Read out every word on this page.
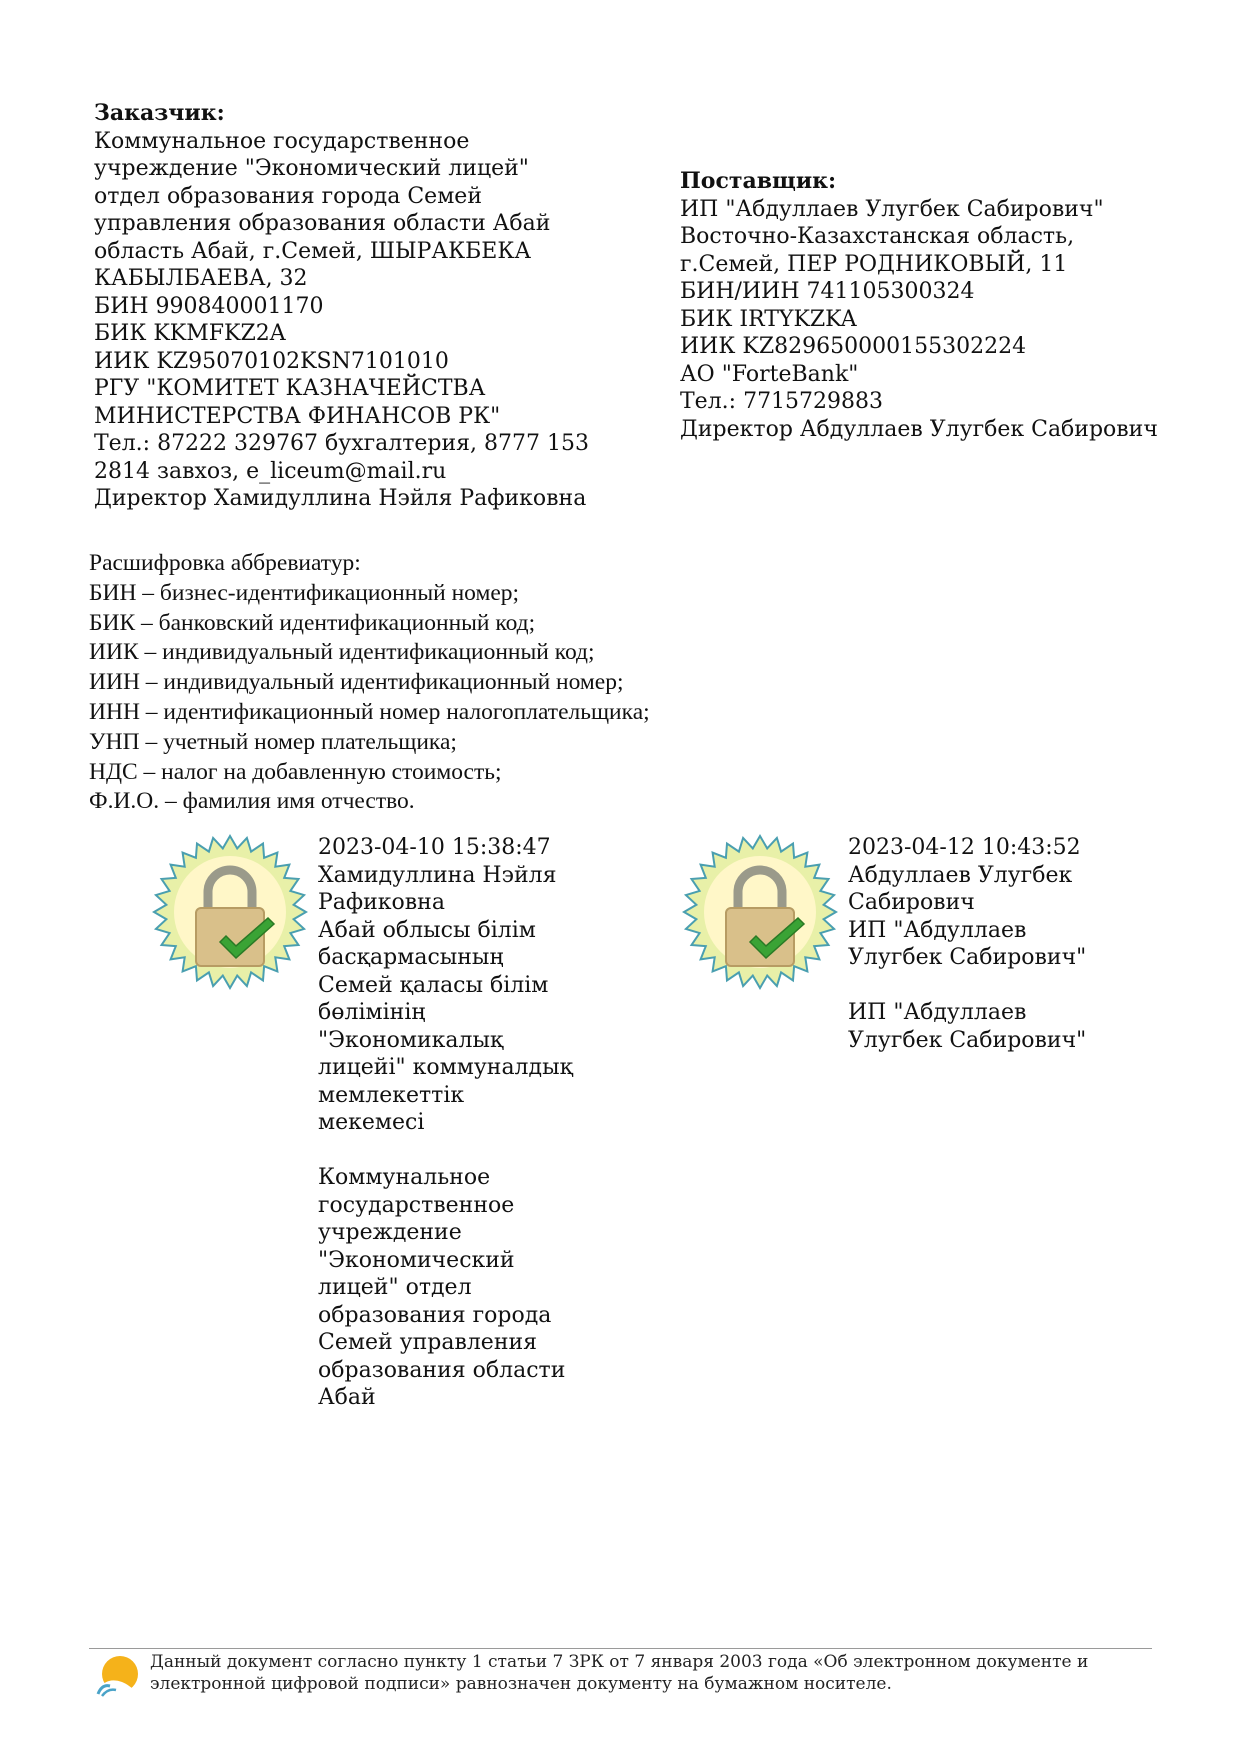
Заказчик:
Коммунальное государственное
учреждение "Экономический лицей"
отдел образования города Семей
управления образования области Абай
область Абай, г.Семей, ШЫРАКБЕКА
КАБЫЛБАЕВА, 32
БИН 990840001170
БИК KKMFKZ2A
ИИК KZ95070102KSN7101010
РГУ "КОМИТЕТ КАЗНАЧЕЙСТВА
МИНИСТЕРСТВА ФИНАНСОВ РК"
Тел.: 87222 329767 бухгалтерия, 8777 153
2814 завхоз, e_liceum@mail.ru
Директор Хамидуллина Нэйля Рафиковна
Поставщик:
ИП "Абдуллаев Улугбек Сабирович"
Восточно-Казахстанская область,
г.Семей, ПЕР РОДНИКОВЫЙ, 11
БИН/ИИН 741105300324
БИК IRTYKZKA
ИИК KZ829650000155302224
АО "ForteBank"
Тел.: 7715729883
Директор Абдуллаев Улугбек Сабирович
Расшифровка аббревиатур:
БИН – бизнес-идентификационный номер;
БИК – банковский идентификационный код;
ИИК – индивидуальный идентификационный код;
ИИН – индивидуальный идентификационный номер;
ИНН – идентификационный номер налогоплательщика;
УНП – учетный номер плательщика;
НДС – налог на добавленную стоимость;
Ф.И.О. – фамилия имя отчество.
2023-04-10 15:38:47
Хамидуллина Нэйля
Рафиковна
Абай облысы білім
басқармасының
Семей қаласы білім
бөлімінің
"Экономикалық
лицейі" коммуналдық
мемлекеттік
мекемесі
Коммунальное
государственное
учреждение
"Экономический
лицей" отдел
образования города
Семей управления
образования области
Абай
2023-04-12 10:43:52
Абдуллаев Улугбек
Сабирович
ИП "Абдуллаев
Улугбек Сабирович"
ИП "Абдуллаев
Улугбек Сабирович"
Данный документ согласно пункту 1 статьи 7 ЗРК от 7 января 2003 года «Об электронном документе и
электронной цифровой подписи» равнозначен документу на бумажном носителе.
